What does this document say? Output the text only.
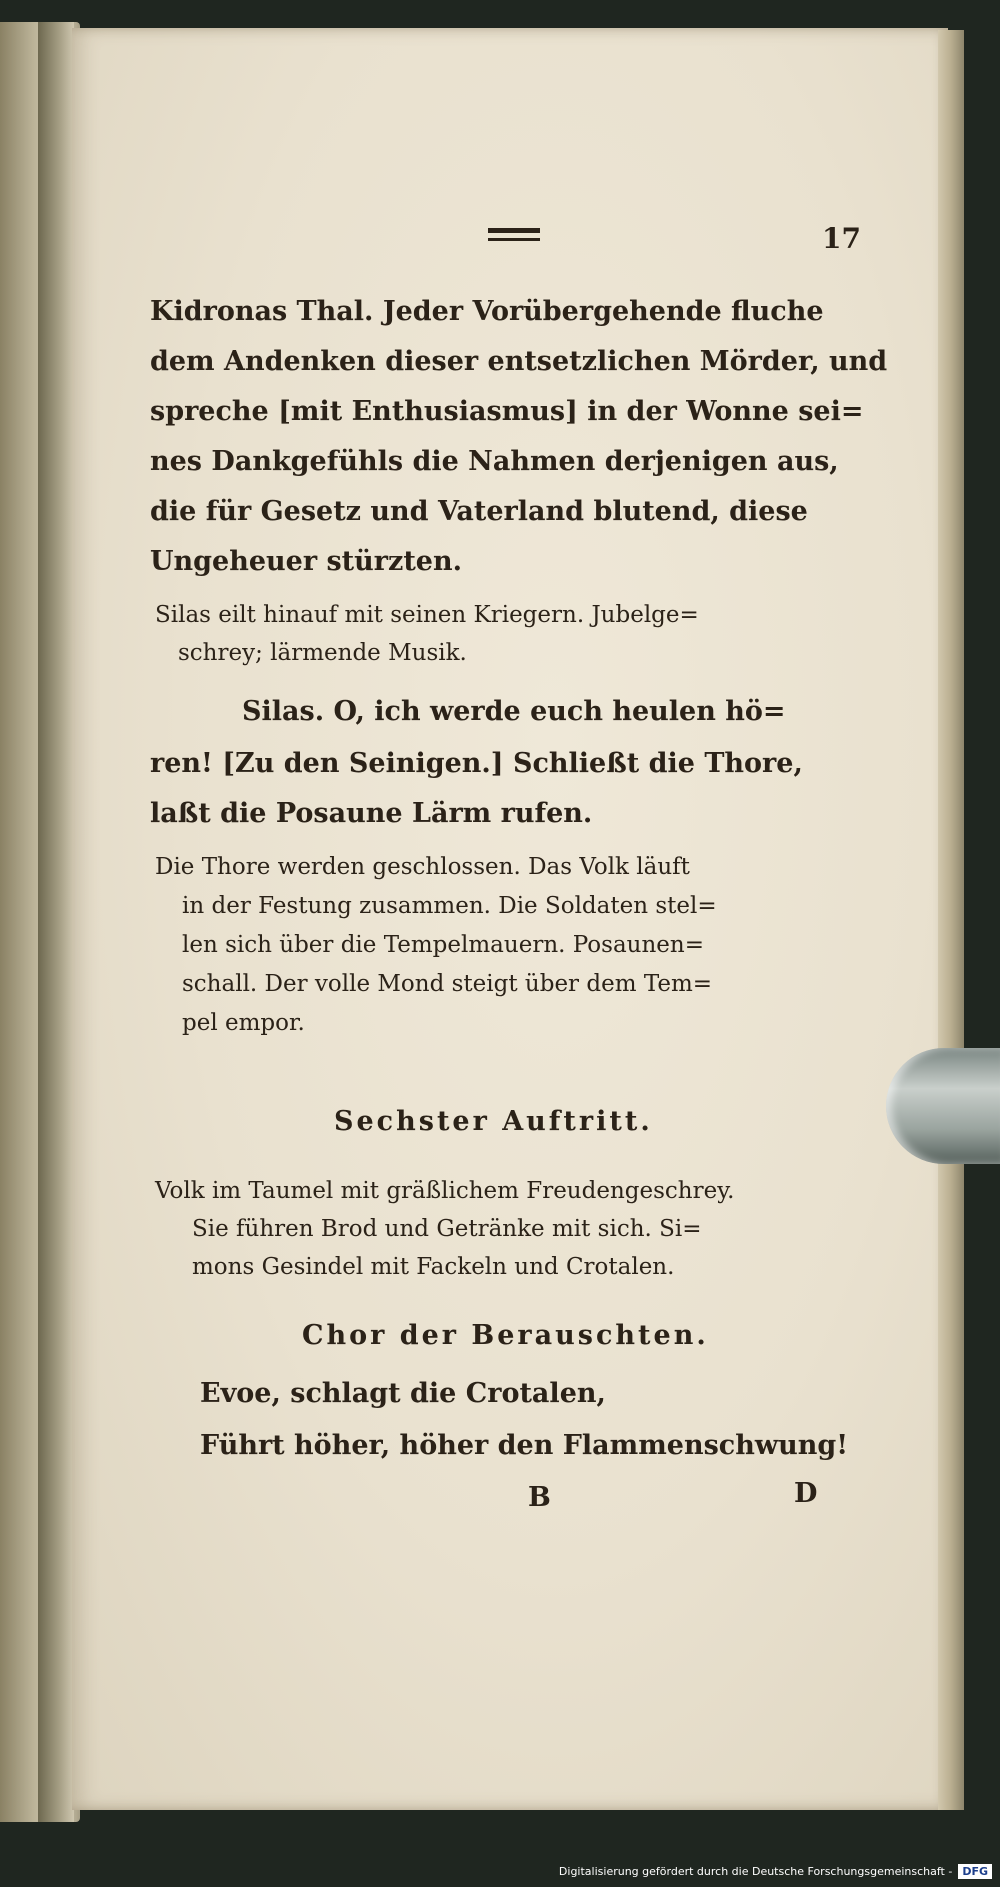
17
Kidronas Thal. Jeder Vorübergehende fluche
dem Andenken dieser entsetzlichen Mörder, und
spreche [mit Enthusiasmus] in der Wonne sei=
nes Dankgefühls die Nahmen derjenigen aus,
die für Gesetz und Vaterland blutend, diese
Ungeheuer stürzten.
Silas eilt hinauf mit seinen Kriegern. Jubelge=
schrey; lärmende Musik.
Silas. O, ich werde euch heulen hö=
ren! [Zu den Seinigen.] Schließt die Thore,
laßt die Posaune Lärm rufen.
Die Thore werden geschlossen. Das Volk läuft
in der Festung zusammen. Die Soldaten stel=
len sich über die Tempelmauern. Posaunen=
schall. Der volle Mond steigt über dem Tem=
pel empor.
Sechster Auftritt.
Volk im Taumel mit gräßlichem Freudengeschrey.
Sie führen Brod und Getränke mit sich. Si=
mons Gesindel mit Fackeln und Crotalen.
Chor der Berauschten.
Evoe, schlagt die Crotalen,
Führt höher, höher den Flammenschwung!
B	D
Digitalisierung gefördert durch die Deutsche Forschungsgemeinschaft - DFG
